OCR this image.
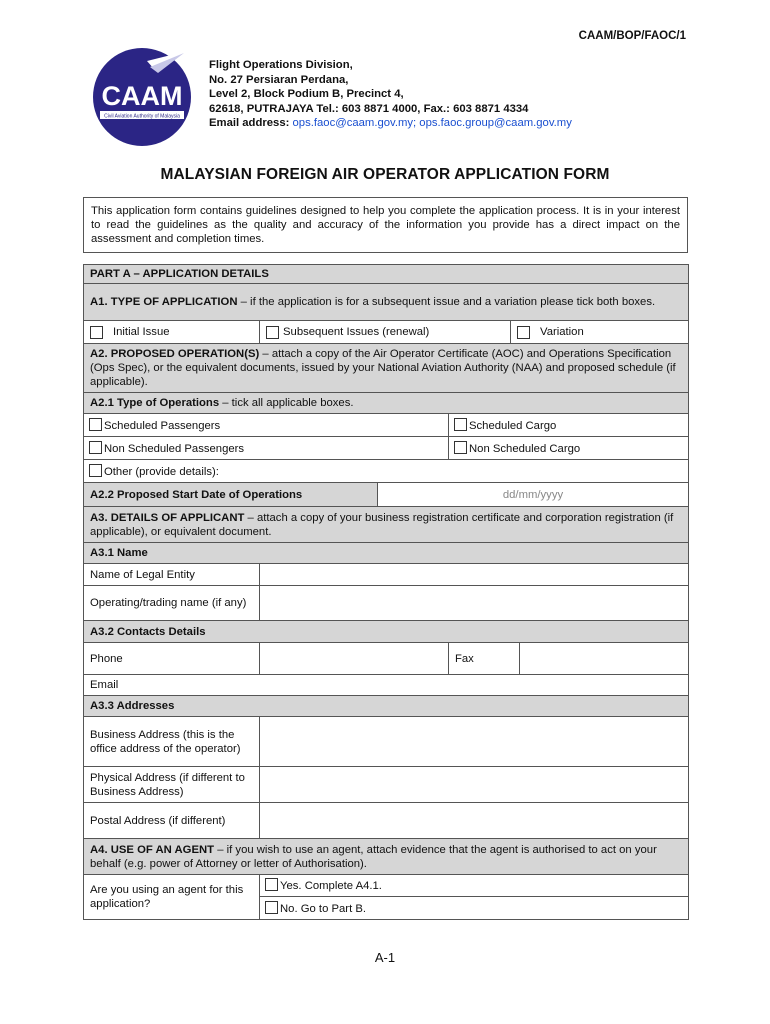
CAAM/BOP/FAOC/1
CAAM
Civil Aviation Authority of Malaysia
Flight Operations Division,
No. 27 Persiaran Perdana,
Level 2, Block Podium B, Precinct 4,
62618, PUTRAJAYA Tel.: 603 8871 4000, Fax.: 603 8871 4334
Email address: ops.faoc@caam.gov.my; ops.faoc.group@caam.gov.my
MALAYSIAN FOREIGN AIR OPERATOR APPLICATION FORM
This application form contains guidelines designed to help you complete the application process. It is in your interest to read the guidelines as the quality and accuracy of the information you provide has a direct impact on the assessment and completion times.
PART A – APPLICATION DETAILS				
A1. TYPE OF APPLICATION – if the application is for a subsequent issue and a variation please tick both boxes.				

Initial Issue Subsequent Issues (renewal) Variation				

A2. PROPOSED OPERATION(S) – attach a copy of the Air Operator Certificate (AOC) and Operations Specification (Ops Spec), or the equivalent documents, issued by your National Aviation Authority (NAA) and proposed schedule (if applicable).				
A2.1 Type of Operations – tick all applicable boxes.				
Scheduled Passengers			Scheduled Cargo	
Non Scheduled Passengers			Non Scheduled Cargo	
Other (provide details):				
A2.2 Proposed Start Date of Operations		dd/mm/yyyy		
A3. DETAILS OF APPLICANT – attach a copy of your business registration certificate and corporation registration (if applicable), or equivalent document.				
A3.1 Name				
Name of Legal Entity				
Operating/trading name (if any)				
A3.2 Contacts Details				
Phone			Fax	
Email				
A3.3 Addresses				
Business Address (this is the office address of the operator)				
Physical Address (if different to Business Address)				
Postal Address (if different)				
A4. USE OF AN AGENT – if you wish to use an agent, attach evidence that the agent is authorised to act on your behalf (e.g. power of Attorney or letter of Authorisation).				
Are you using an agent for this application?	Yes. Complete A4.1.			
	No. Go to Part B.			
A-1
